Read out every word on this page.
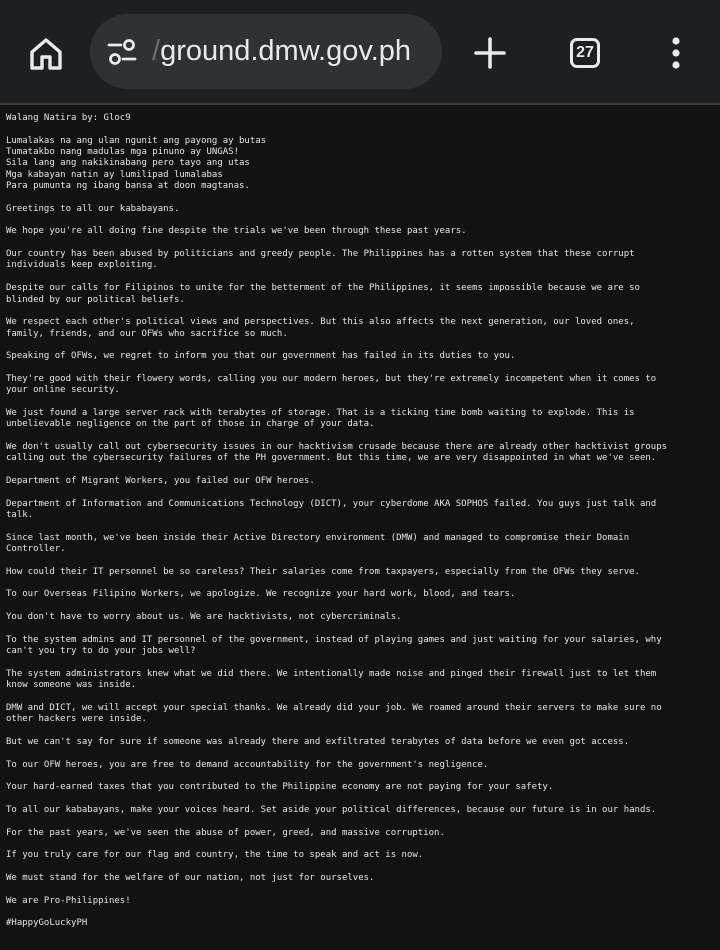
/ground.dmw.gov.ph	27
Walang Natira by: Gloc9
Lumalakas na ang ulan ngunit ang payong ay butas
Tumatakbo nang madulas mga pinuno ay UNGAS!
Sila lang ang nakikinabang pero tayo ang utas
Mga kabayan natin ay lumilipad lumalabas
Para pumunta ng ibang bansa at doon magtanas.
Greetings to all our kababayans.
We hope you're all doing fine despite the trials we've been through these past years.
Our country has been abused by politicians and greedy people. The Philippines has a rotten system that these corrupt
individuals keep exploiting.
Despite our calls for Filipinos to unite for the betterment of the Philippines, it seems impossible because we are so
blinded by our political beliefs.
We respect each other's political views and perspectives. But this also affects the next generation, our loved ones,
family, friends, and our OFWs who sacrifice so much.
Speaking of OFWs, we regret to inform you that our government has failed in its duties to you.
They're good with their flowery words, calling you our modern heroes, but they're extremely incompetent when it comes to
your online security.
We just found a large server rack with terabytes of storage. That is a ticking time bomb waiting to explode. This is
unbelievable negligence on the part of those in charge of your data.
We don't usually call out cybersecurity issues in our hacktivism crusade because there are already other hacktivist groups
calling out the cybersecurity failures of the PH government. But this time, we are very disappointed in what we've seen.
Department of Migrant Workers, you failed our OFW heroes.
Department of Information and Communications Technology (DICT), your cyberdome AKA SOPHOS failed. You guys just talk and
talk.
Since last month, we've been inside their Active Directory environment (DMW) and managed to compromise their Domain
Controller.
How could their IT personnel be so careless? Their salaries come from taxpayers, especially from the OFWs they serve.
To our Overseas Filipino Workers, we apologize. We recognize your hard work, blood, and tears.
You don't have to worry about us. We are hacktivists, not cybercriminals.
To the system admins and IT personnel of the government, instead of playing games and just waiting for your salaries, why
can't you try to do your jobs well?
The system administrators knew what we did there. We intentionally made noise and pinged their firewall just to let them
know someone was inside.
DMW and DICT, we will accept your special thanks. We already did your job. We roamed around their servers to make sure no
other hackers were inside.
But we can't say for sure if someone was already there and exfiltrated terabytes of data before we even got access.
To our OFW heroes, you are free to demand accountability for the government's negligence.
Your hard-earned taxes that you contributed to the Philippine economy are not paying for your safety.
To all our kababayans, make your voices heard. Set aside your political differences, because our future is in our hands.
For the past years, we've seen the abuse of power, greed, and massive corruption.
If you truly care for our flag and country, the time to speak and act is now.
We must stand for the welfare of our nation, not just for ourselves.
We are Pro-Philippines!
#HappyGoLuckyPH
